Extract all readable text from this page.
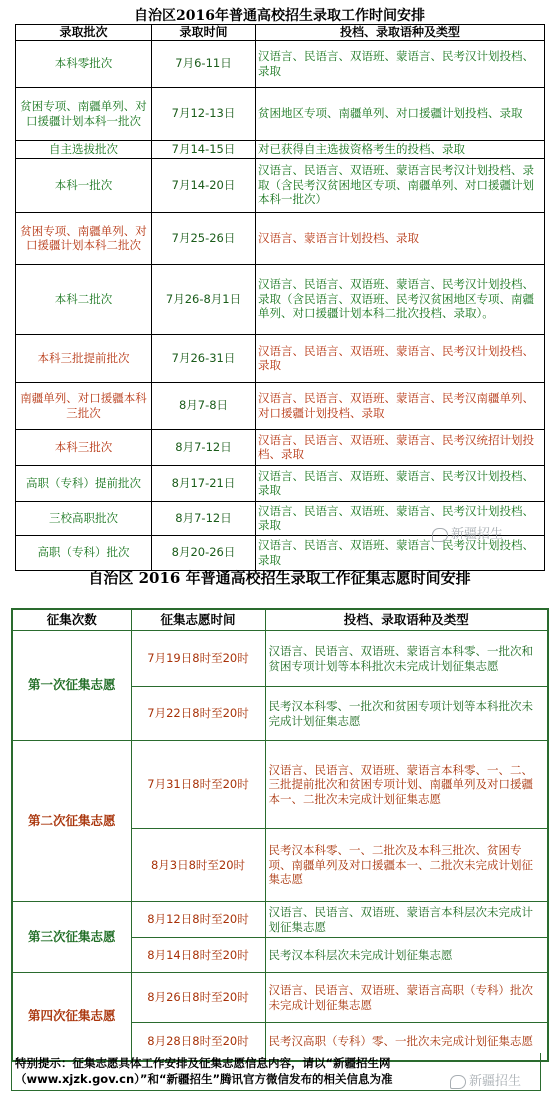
自治区2016年普通高校招生录取工作时间安排
录取批次	录取时间	投档、录取语种及类型
本科零批次	7月6-11日	汉语言、民语言、双语班、蒙语言、民考汉计划投档、录取
贫困专项、南疆单列、对口援疆计划本科一批次	7月12-13日	贫困地区专项、南疆单列、对口援疆计划投档、录取
自主选拔批次	7月14-15日	对已获得自主选拔资格考生的投档、录取
本科一批次	7月14-20日	汉语言、民语言、双语班、蒙语言民考汉计划投档、录取（含民考汉贫困地区专项、南疆单列、对口援疆计划本科一批次）
贫困专项、南疆单列、对口援疆计划本科二批次	7月25-26日	汉语言、蒙语言计划投档、录取
本科二批次	7月26-8月1日	汉语言、民语言、双语班、蒙语言、民考汉计划投档、录取（含民语言、双语班、民考汉贫困地区专项、南疆单列、对口援疆计划本科二批次投档、录取）。
本科三批提前批次	7月26-31日	汉语言、民语言、双语班、蒙语言、民考汉计划投档、录取
南疆单列、对口援疆本科三批次	8月7-8日	汉语言、民语言、双语班、蒙语言、民考汉南疆单列、对口援疆计划投档、录取
本科三批次	8月7-12日	汉语言、民语言、双语班、蒙语言、民考汉统招计划投档、录取
高职（专科）提前批次	8月17-21日	汉语言、民语言、双语班、蒙语言、民考汉计划投档、录取
三校高职批次	8月7-12日	汉语言、民语言、双语班、蒙语言、民考汉计划投档、录取
高职（专科）批次	8月20-26日	汉语言、民语言、双语班、蒙语言、民考汉计划投档、录取
新疆招生
自治区 2016 年普通高校招生录取工作征集志愿时间安排
征集次数	征集志愿时间	投档、录取语种及类型
第一次征集志愿	7月19日8时至20时	汉语言、民语言、双语班、蒙语言本科零、一批次和贫困专项计划等本科批次未完成计划征集志愿
	7月22日8时至20时	民考汉本科零、一批次和贫困专项计划等本科批次未完成计划征集志愿
第二次征集志愿	7月31日8时至20时	汉语言、民语言、双语班、蒙语言本科零、一、二、三批提前批次和贫困专项计划、南疆单列及对口援疆本一、二批次未完成计划征集志愿
	8月3日8时至20时	民考汉本科零、一、二批次及本科三批次、贫困专项、南疆单列及对口援疆本一、二批次未完成计划征集志愿
第三次征集志愿	8月12日8时至20时	汉语言、民语言、双语班、蒙语言本科层次未完成计划征集志愿
	8月14日8时至20时	民考汉本科层次未完成计划征集志愿
第四次征集志愿	8月26日8时至20时	汉语言、民语言、双语班、蒙语言高职（专科）批次未完成计划征集志愿
	8月28日8时至20时	民考汉高职（专科）零、一批次未完成计划征集志愿
特别提示：征集志愿具体工作安排及征集志愿信息内容，请以“新疆招生网（www.xjzk.gov.cn）”和“新疆招生”腾讯官方微信发布的相关信息为准	新疆招生
